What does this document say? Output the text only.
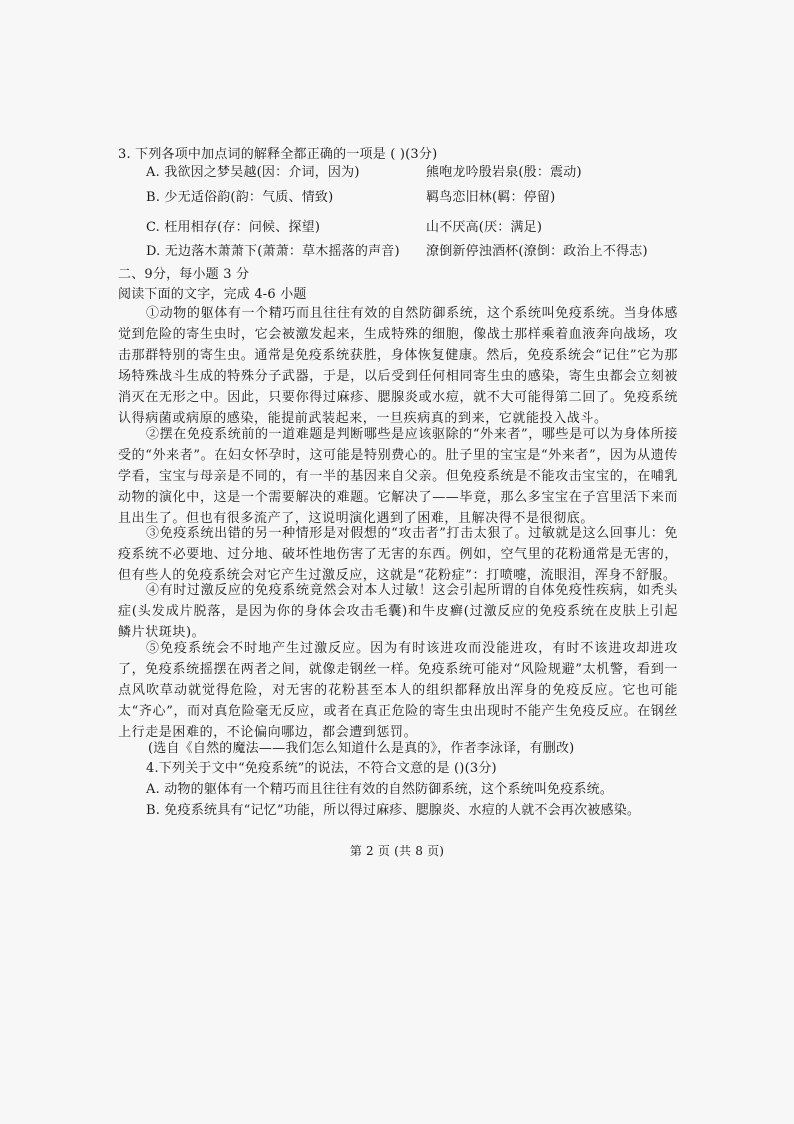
3. 下列各项中加点词的解释全都正确的一项是 ( )(3分)
A. 我欲因之梦吴越(因：介词，因为)	熊咆龙吟殷岩泉(殷：震动)
B. 少无适俗韵(韵：气质、情致)	羁鸟恋旧林(羁：停留)
C. 枉用相存(存：问候、探望)	山不厌高(厌：满足)
D. 无边落木萧萧下(萧萧：草木摇落的声音) 潦倒新停浊酒杯(潦倒：政治上不得志)
二、9分，每小题 3 分
阅读下面的文字，完成 4-6 小题
①动物的躯体有一个精巧而且往往有效的自然防御系统，这个系统叫免疫系统。当身体感觉到危险的寄生虫时，它会被激发起来，生成特殊的细胞，像战士那样乘着血液奔向战场，攻击那群特别的寄生虫。通常是免疫系统获胜，身体恢复健康。然后，免疫系统会“记住”它为那场特殊战斗生成的特殊分子武器，于是，以后受到任何相同寄生虫的感染，寄生虫都会立刻被消灭在无形之中。因此，只要你得过麻疹、腮腺炎或水痘，就不大可能得第二回了。免疫系统认得病菌或病原的感染，能提前武装起来，一旦疾病真的到来，它就能投入战斗。
②摆在免疫系统前的一道难题是判断哪些是应该驱除的“外来者”，哪些是可以为身体所接受的“外来者”。在妇女怀孕时，这可能是特别费心的。肚子里的宝宝是“外来者”，因为从遗传学看，宝宝与母亲是不同的，有一半的基因来自父亲。但免疫系统是不能攻击宝宝的，在哺乳动物的演化中，这是一个需要解决的难题。它解决了——毕竟，那么多宝宝在子宫里活下来而且出生了。但也有很多流产了，这说明演化遇到了困难，且解决得不是很彻底。
③免疫系统出错的另一种情形是对假想的“攻击者”打击太狠了。过敏就是这么回事儿：免疫系统不必要地、过分地、破坏性地伤害了无害的东西。例如，空气里的花粉通常是无害的，但有些人的免疫系统会对它产生过激反应，这就是“花粉症”：打喷嚏，流眼泪，浑身不舒服。
④有时过激反应的免疫系统竟然会对本人过敏！这会引起所谓的自体免疫性疾病，如秃头症(头发成片脱落，是因为你的身体会攻击毛囊)和牛皮癣(过激反应的免疫系统在皮肤上引起鳞片状斑块)。
⑤免疫系统会不时地产生过激反应。因为有时该进攻而没能进攻，有时不该进攻却进攻了，免疫系统摇摆在两者之间，就像走钢丝一样。免疫系统可能对“风险规避”太机警，看到一点风吹草动就觉得危险，对无害的花粉甚至本人的组织都释放出浑身的免疫反应。它也可能太“齐心”，而对真危险毫无反应，或者在真正危险的寄生虫出现时不能产生免疫反应。在钢丝上行走是困难的，不论偏向哪边，都会遭到惩罚。
(选自《自然的魔法——我们怎么知道什么是真的》，作者李泳译，有删改)
4.下列关于文中“免疫系统”的说法，不符合文意的是 ()(3分)
A. 动物的躯体有一个精巧而且往往有效的自然防御系统，这个系统叫免疫系统。
B. 免疫系统具有“记忆”功能，所以得过麻疹、腮腺炎、水痘的人就不会再次被感染。
第 2 页 (共 8 页)
